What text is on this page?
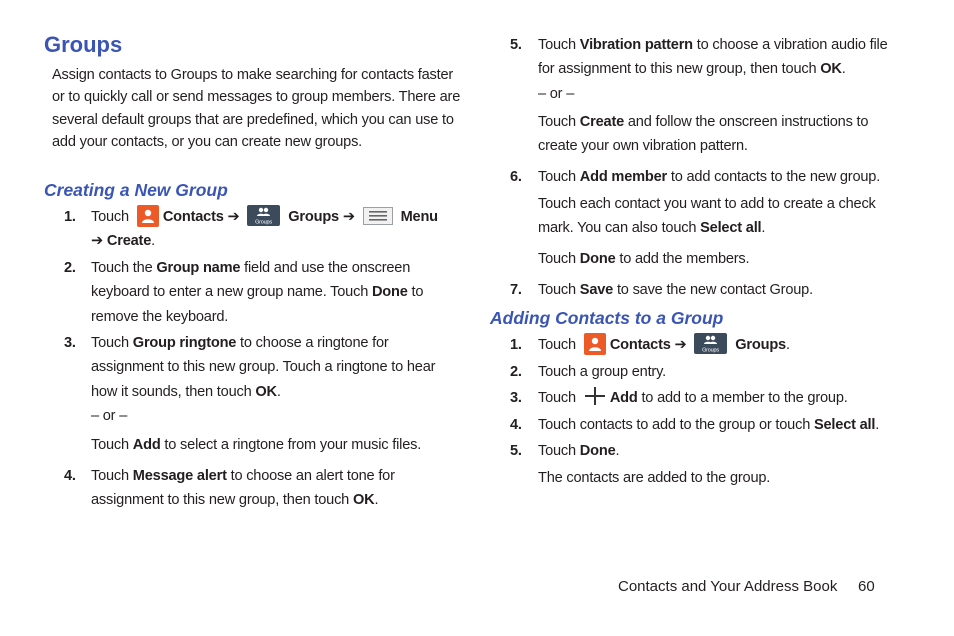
Groups

Assign contacts to Groups to make searching for contacts faster or to quickly call or send messages to group members. There are several default groups that are predefined, which you can use to add your contacts, or you can create new groups.

Creating a New Group
1.	Touch Contacts ➔	Groups Groups ➔	Menu
➔ Create.
2.	Touch the Group name field and use the onscreen
keyboard to enter a new group name. Touch Done to
remove the keyboard.
3.	Touch Group ringtone to choose a ringtone for
assignment to this new group. Touch a ringtone to hear
how it sounds, then touch OK.
– or –
Touch Add to select a ringtone from your music files.
4.	Touch Message alert to choose an alert tone for
assignment to this new group, then touch OK.
5.	Touch Vibration pattern to choose a vibration audio file
for assignment to this new group, then touch OK.
– or –
Touch Create and follow the onscreen instructions to
create your own vibration pattern.
6.	Touch Add member to add contacts to the new group.
Touch each contact you want to add to create a check
mark. You can also touch Select all.
Touch Done to add the members.
7.	Touch Save to save the new contact Group.
Adding Contacts to a Group
1.	Touch Contacts ➔	Groups Groups.
2.	Touch a group entry.
3.	Touch Add to add to a member to the group.
4.	Touch contacts to add to the group or touch Select all.
5.	Touch Done.
The contacts are added to the group.
Contacts and Your Address Book 60
